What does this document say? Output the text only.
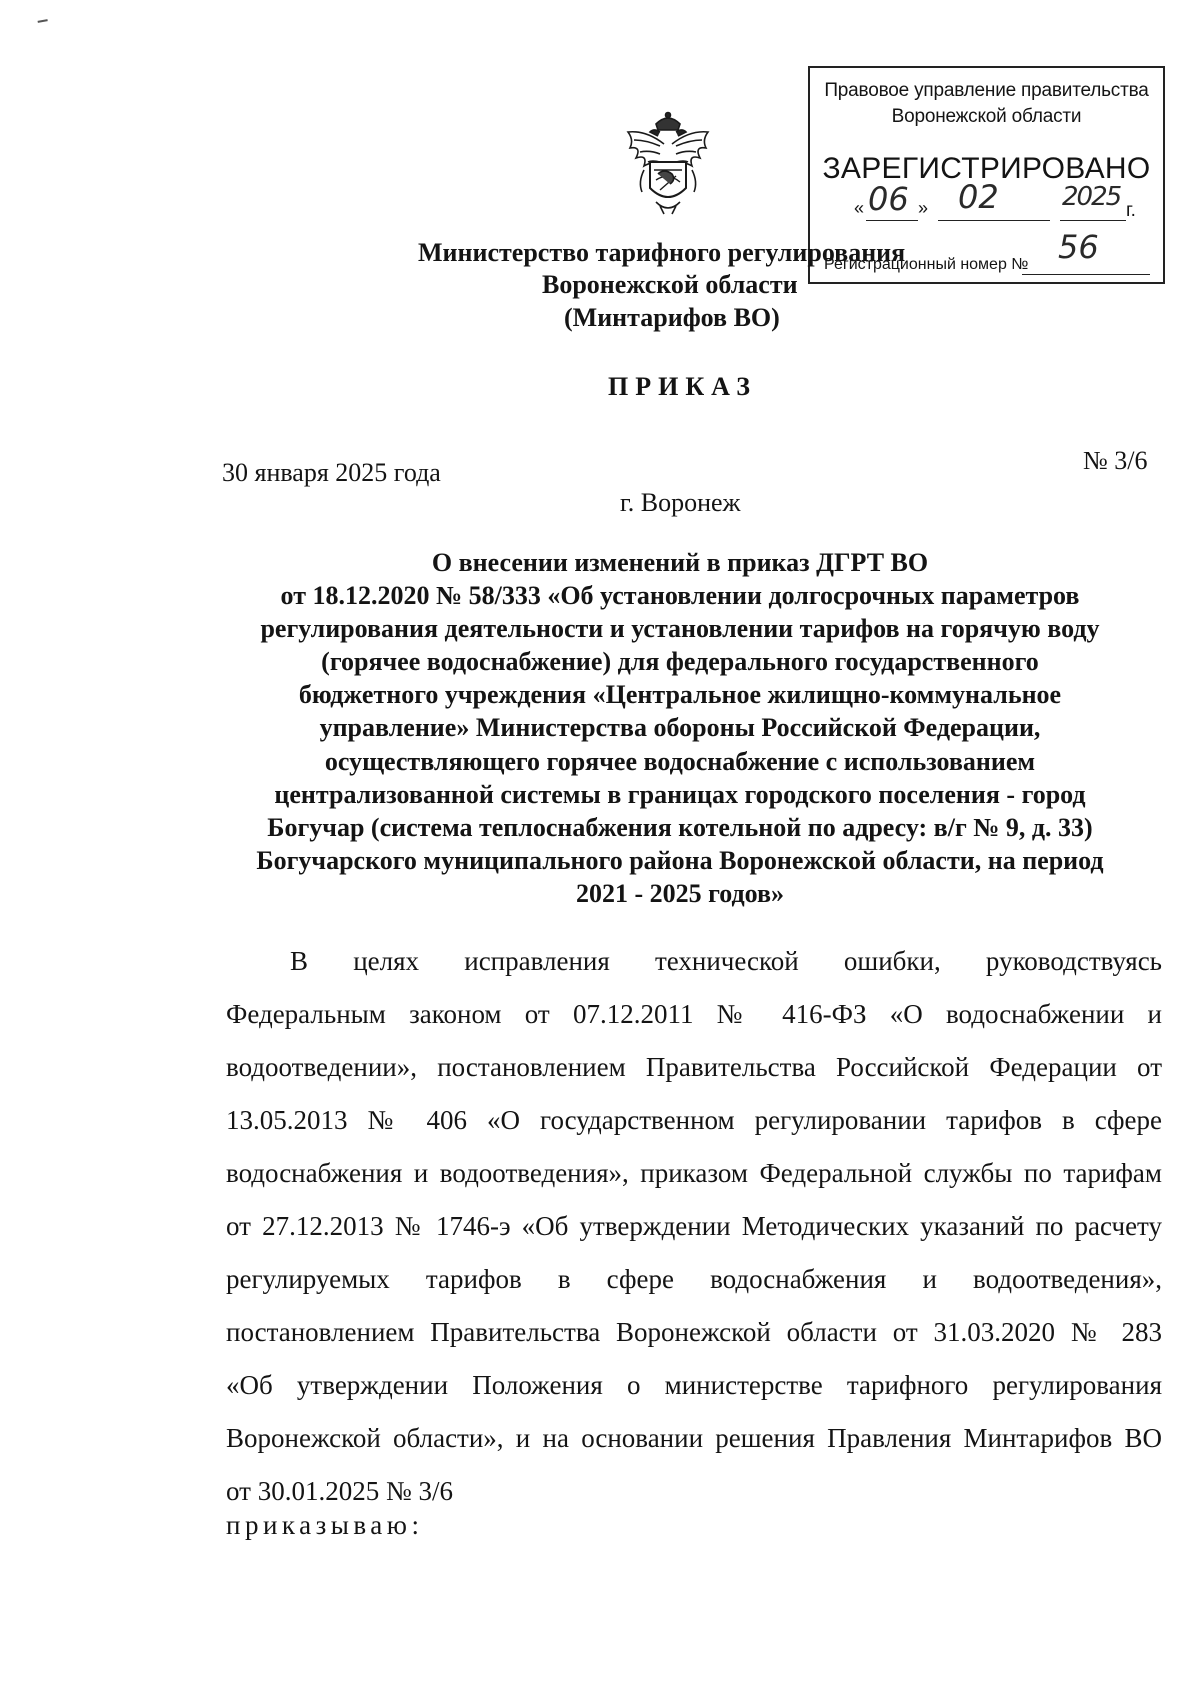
Правовое управление правительства
Воронежской области
ЗАРЕГИСТРИРОВАНО
« 06 » 02 2025 г.
Регистрационный номер № 56
Министерство тарифного регулирования
Воронежской области
(Минтарифов ВО)
ПРИКАЗ
30 января 2025 года	№ 3/6
г. Воронеж
О внесении изменений в приказ ДГРТ ВО
от 18.12.2020 № 58/333 «Об установлении долгосрочных параметров
регулирования деятельности и установлении тарифов на горячую воду
(горячее водоснабжение) для федерального государственного
бюджетного учреждения «Центральное жилищно-коммунальное
управление» Министерства обороны Российской Федерации,
осуществляющего горячее водоснабжение с использованием
централизованной системы в границах городского поселения - город
Богучар (система теплоснабжения котельной по адресу: в/г № 9, д. 33)
Богучарского муниципального района Воронежской области, на период
2021 - 2025 годов»
В целях исправления технической ошибки, руководствуясь
Федеральным законом от 07.12.2011 № 416-ФЗ «О водоснабжении и
водоотведении», постановлением Правительства Российской Федерации от
13.05.2013 № 406 «О государственном регулировании тарифов в сфере
водоснабжения и водоотведения», приказом Федеральной службы по тарифам
от 27.12.2013 № 1746-э «Об утверждении Методических указаний по расчету
регулируемых тарифов в сфере водоснабжения и водоотведения»,
постановлением Правительства Воронежской области от 31.03.2020 № 283
«Об утверждении Положения о министерстве тарифного регулирования
Воронежской области», и на основании решения Правления Минтарифов ВО
от 30.01.2025 № 3/6
приказываю:
